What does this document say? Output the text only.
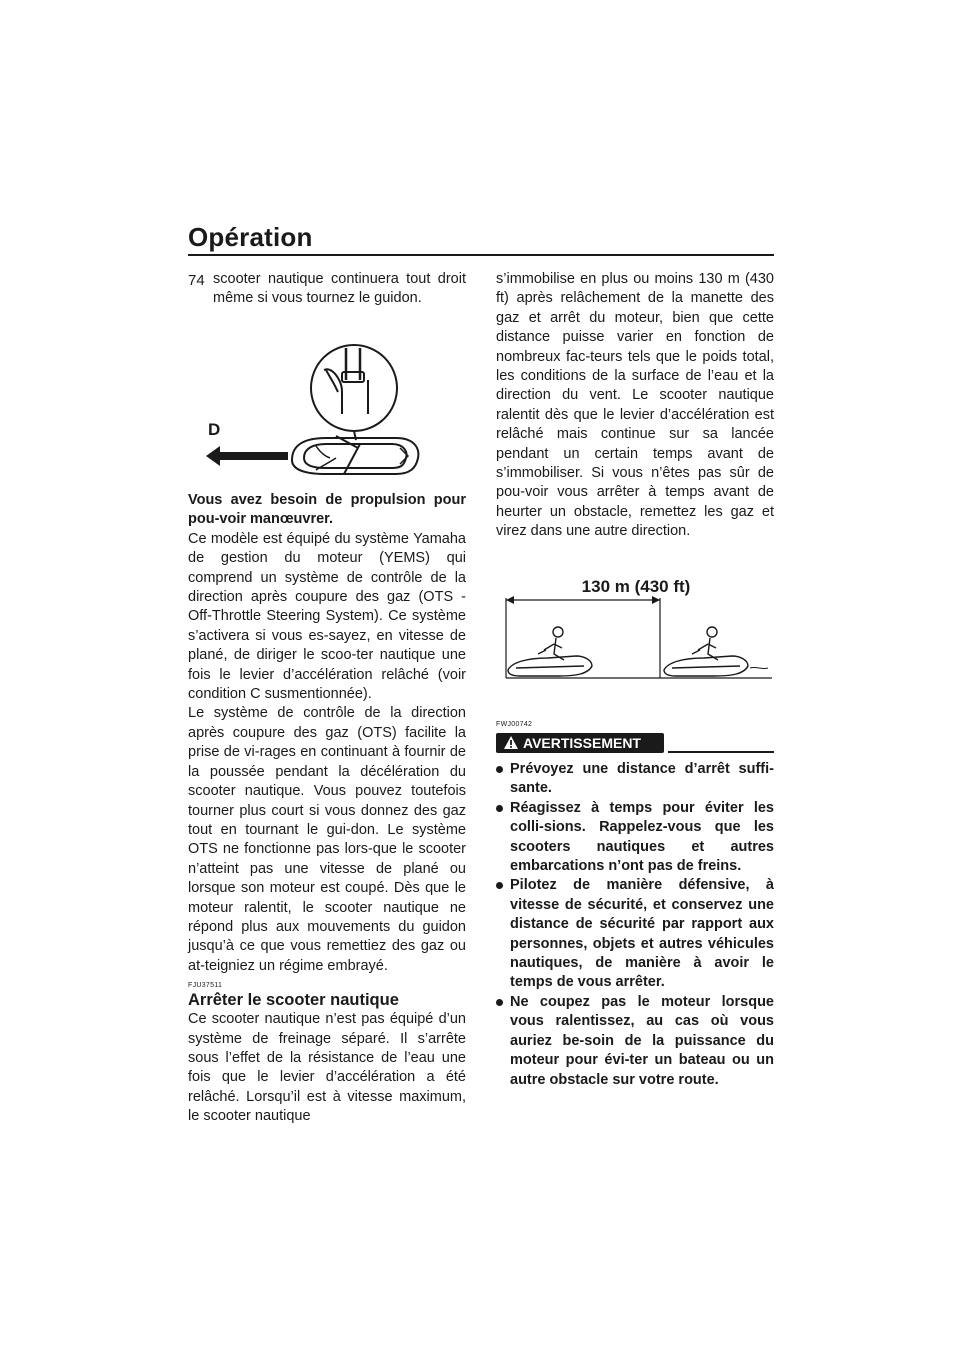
Opération
74 scooter nautique continuera tout droit même si vous tournez le guidon.

D

Vous avez besoin de propulsion pour pou-voir manœuvrer.

Ce modèle est équipé du système Yamaha de gestion du moteur (YEMS) qui comprend un système de contrôle de la direction après coupure des gaz (OTS - Off-Throttle Steering System). Ce système s’activera si vous es-sayez, en vitesse de plané, de diriger le scoo-ter nautique une fois le levier d’accélération relâché (voir condition C susmentionnée).

Le système de contrôle de la direction après coupure des gaz (OTS) facilite la prise de vi-rages en continuant à fournir de la poussée pendant la décélération du scooter nautique. Vous pouvez toutefois tourner plus court si vous donnez des gaz tout en tournant le gui-don. Le système OTS ne fonctionne pas lors-que le scooter n’atteint pas une vitesse de plané ou lorsque son moteur est coupé. Dès que le moteur ralentit, le scooter nautique ne répond plus aux mouvements du guidon jusqu’à ce que vous remettiez des gaz ou at-teigniez un régime embrayé.

FJU37511

Arrêter le scooter nautique

Ce scooter nautique n’est pas équipé d’un système de freinage séparé. Il s’arrête sous l’effet de la résistance de l’eau une fois que le levier d’accélération a été relâché. Lorsqu’il est à vitesse maximum, le scooter nautique

s’immobilise en plus ou moins 130 m (430 ft) après relâchement de la manette des gaz et arrêt du moteur, bien que cette distance puisse varier en fonction de nombreux fac-teurs tels que le poids total, les conditions de la surface de l’eau et la direction du vent. Le scooter nautique ralentit dès que le levier d’accélération est relâché mais continue sur sa lancée pendant un certain temps avant de s’immobiliser. Si vous n’êtes pas sûr de pou-voir vous arrêter à temps avant de heurter un obstacle, remettez les gaz et virez dans une autre direction.

130 m (430 ft)
FWJ00742
AVERTISSEMENT
Prévoyez une distance d’arrêt suffi-sante.
Réagissez à temps pour éviter les colli-sions. Rappelez-vous que les scooters nautiques et autres embarcations n’ont pas de freins.
Pilotez de manière défensive, à vitesse de sécurité, et conservez une distance de sécurité par rapport aux personnes, objets et autres véhicules nautiques, de manière à avoir le temps de vous arrêter.
Ne coupez pas le moteur lorsque vous ralentissez, au cas où vous auriez be-soin de la puissance du moteur pour évi-ter un bateau ou un autre obstacle sur votre route.
